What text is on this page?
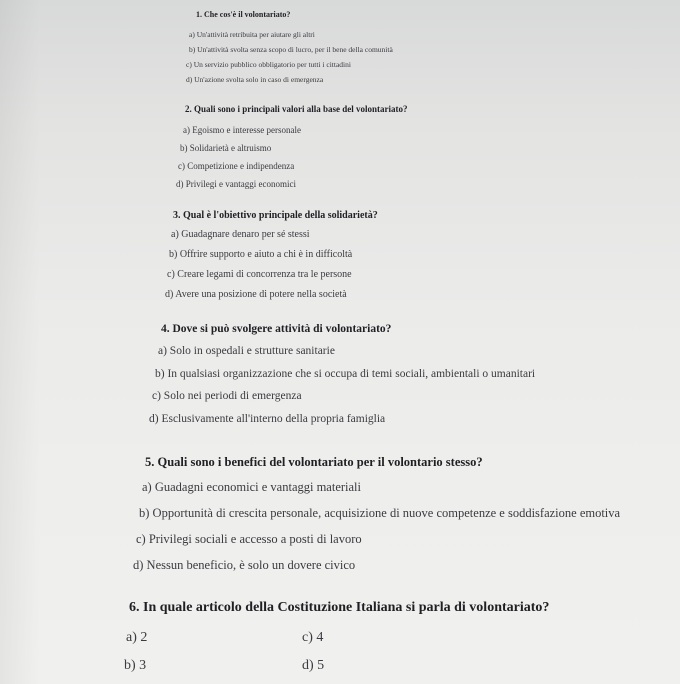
1. Che cos'è il volontariato?
a) Un'attività retribuita per aiutare gli altri
b) Un'attività svolta senza scopo di lucro, per il bene della comunità
c) Un servizio pubblico obbligatorio per tutti i cittadini
d) Un'azione svolta solo in caso di emergenza
2. Quali sono i principali valori alla base del volontariato?
a) Egoismo e interesse personale
b) Solidarietà e altruismo
c) Competizione e indipendenza
d) Privilegi e vantaggi economici
3. Qual è l'obiettivo principale della solidarietà?
a) Guadagnare denaro per sé stessi
b) Offrire supporto e aiuto a chi è in difficoltà
c) Creare legami di concorrenza tra le persone
d) Avere una posizione di potere nella società
4. Dove si può svolgere attività di volontariato?
a) Solo in ospedali e strutture sanitarie
b) In qualsiasi organizzazione che si occupa di temi sociali, ambientali o umanitari
c) Solo nei periodi di emergenza
d) Esclusivamente all'interno della propria famiglia
5. Quali sono i benefici del volontariato per il volontario stesso?
a) Guadagni economici e vantaggi materiali
b) Opportunità di crescita personale, acquisizione di nuove competenze e soddisfazione emotiva
c) Privilegi sociali e accesso a posti di lavoro
d) Nessun beneficio, è solo un dovere civico
6. In quale articolo della Costituzione Italiana si parla di volontariato?
a) 2
b) 3
c) 4
d) 5
